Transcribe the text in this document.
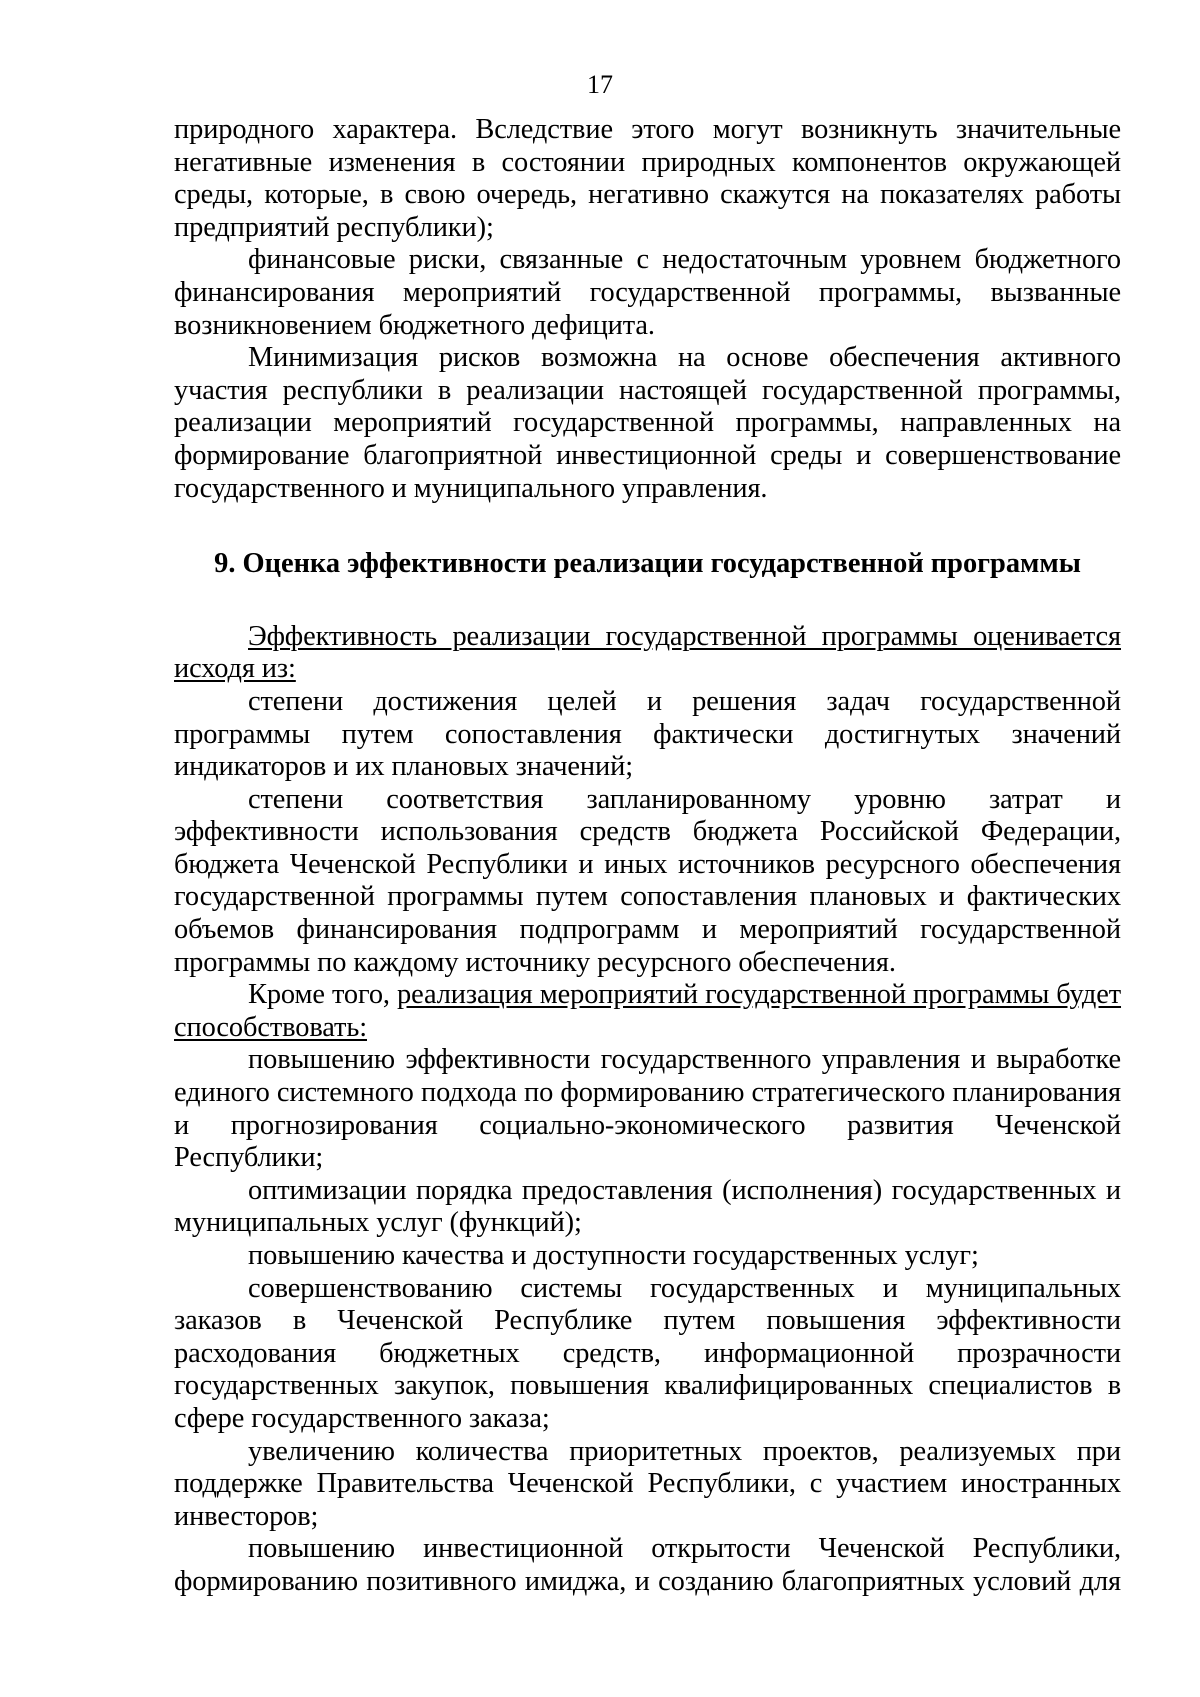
17

природного характера. Вследствие этого могут возникнуть значительные негативные изменения в состоянии природных компонентов окружающей среды, которые, в свою очередь, негативно скажутся на показателях работы предприятий республики);

финансовые риски, связанные с недостаточным уровнем бюджетного финансирования мероприятий государственной программы, вызванные возникновением бюджетного дефицита.

Минимизация рисков возможна на основе обеспечения активного участия республики в реализации настоящей государственной программы, реализации мероприятий государственной программы, направленных на формирование благоприятной инвестиционной среды и совершенствование государственного и муниципального управления.

9. Оценка эффективности реализации государственной программы

Эффективность реализации государственной программы оценивается исходя из:

степени достижения целей и решения задач государственной программы путем сопоставления фактически достигнутых значений индикаторов и их плановых значений;

степени соответствия запланированному уровню затрат и эффективности использования средств бюджета Российской Федерации, бюджета Чеченской Республики и иных источников ресурсного обеспечения государственной программы путем сопоставления плановых и фактических объемов финансирования подпрограмм и мероприятий государственной программы по каждому источнику ресурсного обеспечения.

Кроме того, реализация мероприятий государственной программы будет способствовать:

повышению эффективности государственного управления и выработке единого системного подхода по формированию стратегического планирования и прогнозирования социально-экономического развития Чеченской Республики;

оптимизации порядка предоставления (исполнения) государственных и муниципальных услуг (функций);

повышению качества и доступности государственных услуг;

совершенствованию системы государственных и муниципальных заказов в Чеченской Республике путем повышения эффективности расходования бюджетных средств, информационной прозрачности государственных закупок, повышения квалифицированных специалистов в сфере государственного заказа;

увеличению количества приоритетных проектов, реализуемых при поддержке Правительства Чеченской Республики, с участием иностранных инвесторов;

повышению инвестиционной открытости Чеченской Республики, формированию позитивного имиджа, и созданию благоприятных условий для
